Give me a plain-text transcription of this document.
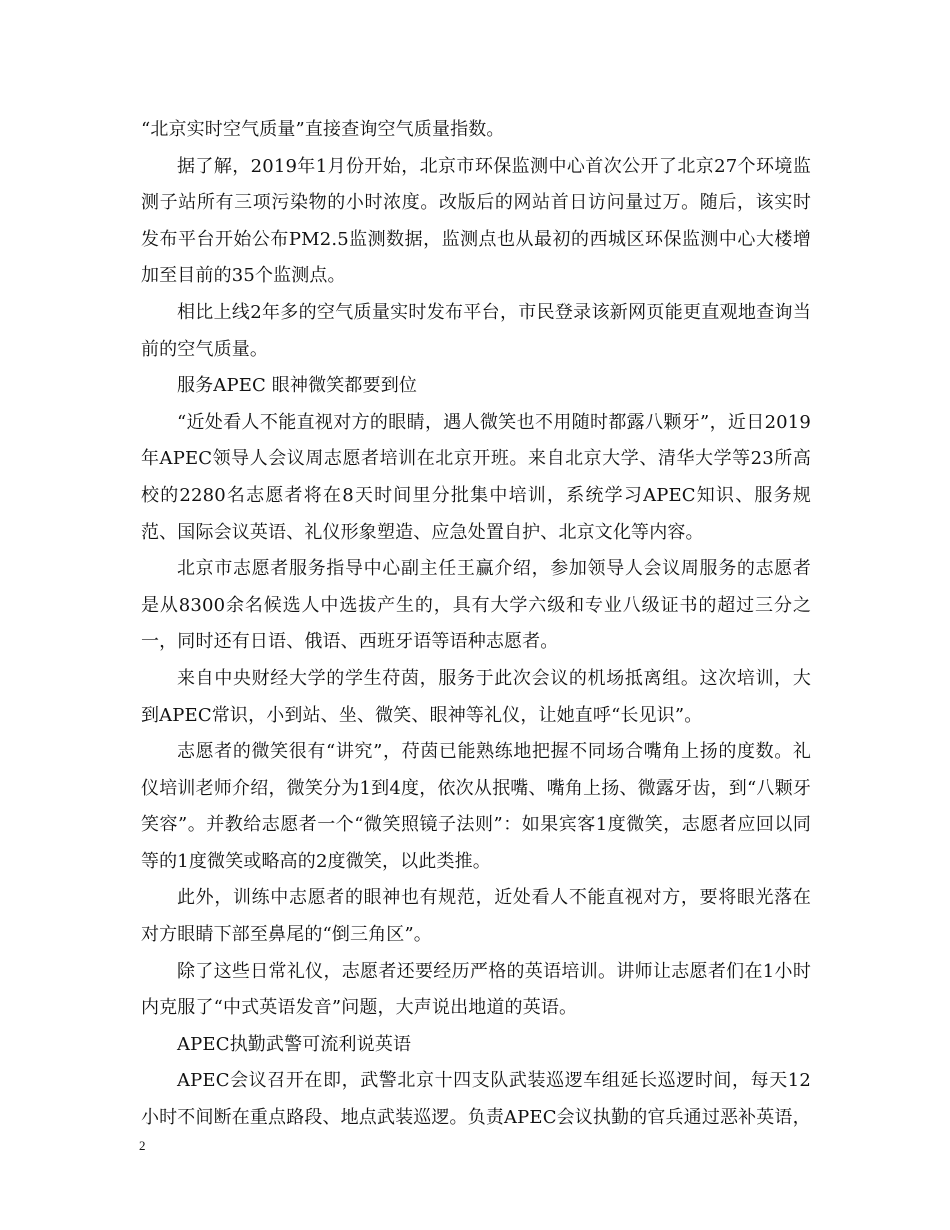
“北京实时空气质量”直接查询空气质量指数。

据了解，2019年1月份开始，北京市环保监测中心首次公开了北京27个环境监测子站所有三项污染物的小时浓度。改版后的网站首日访问量过万。随后，该实时发布平台开始公布PM2.5监测数据，监测点也从最初的西城区环保监测中心大楼增加至目前的35个监测点。

相比上线2年多的空气质量实时发布平台，市民登录该新网页能更直观地查询当前的空气质量。

服务APEC 眼神微笑都要到位

“近处看人不能直视对方的眼睛，遇人微笑也不用随时都露八颗牙”，近日2019年APEC领导人会议周志愿者培训在北京开班。来自北京大学、清华大学等23所高校的2280名志愿者将在8天时间里分批集中培训，系统学习APEC知识、服务规范、国际会议英语、礼仪形象塑造、应急处置自护、北京文化等内容。

北京市志愿者服务指导中心副主任王赢介绍，参加领导人会议周服务的志愿者是从8300余名候选人中选拔产生的，具有大学六级和专业八级证书的超过三分之一，同时还有日语、俄语、西班牙语等语种志愿者。

来自中央财经大学的学生苻茵，服务于此次会议的机场抵离组。这次培训，大到APEC常识，小到站、坐、微笑、眼神等礼仪，让她直呼“长见识”。

志愿者的微笑很有“讲究”，苻茵已能熟练地把握不同场合嘴角上扬的度数。礼仪培训老师介绍，微笑分为1到4度，依次从抿嘴、嘴角上扬、微露牙齿，到“八颗牙笑容”。并教给志愿者一个“微笑照镜子法则”：如果宾客1度微笑，志愿者应回以同等的1度微笑或略高的2度微笑，以此类推。

此外，训练中志愿者的眼神也有规范，近处看人不能直视对方，要将眼光落在对方眼睛下部至鼻尾的“倒三角区”。

除了这些日常礼仪，志愿者还要经历严格的英语培训。讲师让志愿者们在1小时内克服了“中式英语发音”问题，大声说出地道的英语。

APEC执勤武警可流利说英语

APEC会议召开在即，武警北京十四支队武装巡逻车组延长巡逻时间，每天12小时不间断在重点路段、地点武装巡逻。负责APEC会议执勤的官兵通过恶补英语，

2
